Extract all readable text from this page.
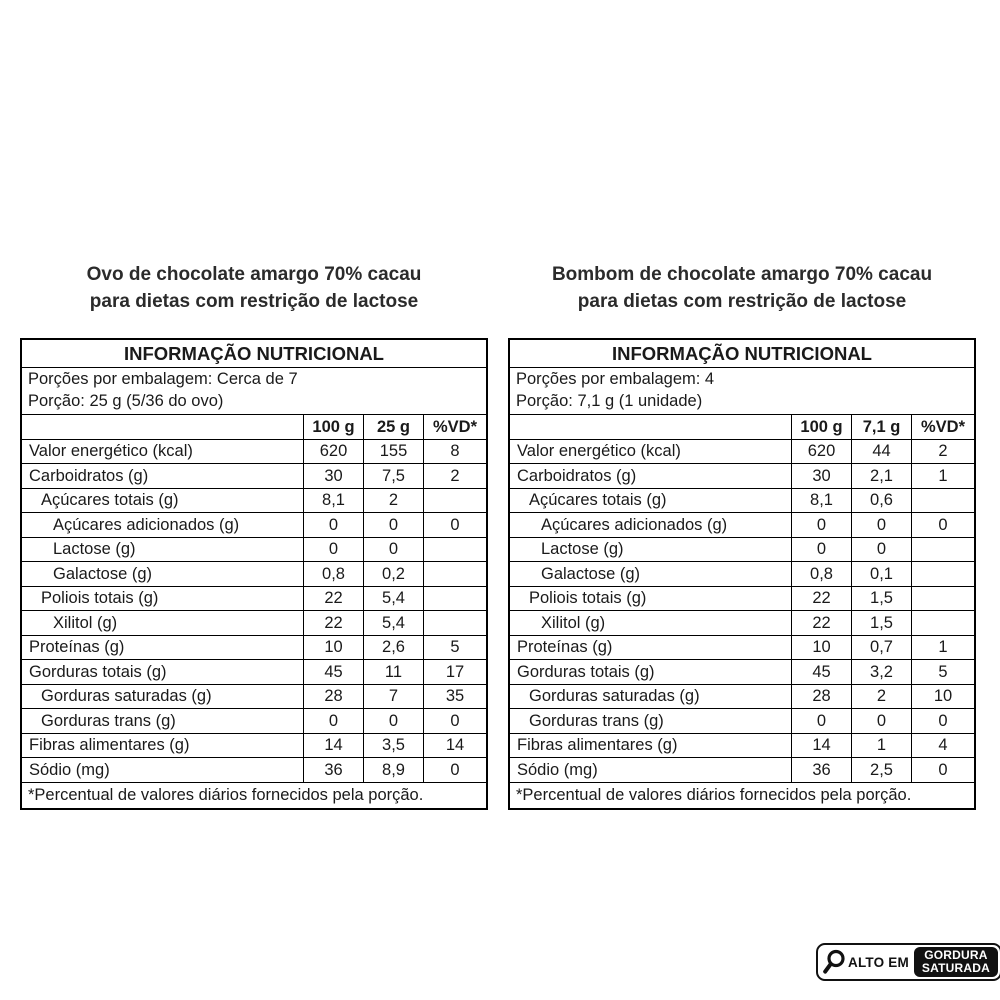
Ovo de chocolate amargo 70% cacau
para dietas com restrição de lactose
Bombom de chocolate amargo 70% cacau
para dietas com restrição de lactose
INFORMAÇÃO NUTRICIONAL
Porções por embalagem: Cerca de 7
Porção: 25 g (5/36 do ovo)
100 g	25 g	%VD*
Valor energético (kcal)	620	155	8
Carboidratos (g)	30	7,5	2
Açúcares totais (g)	8,1	2
Açúcares adicionados (g)	0	0	0
Lactose (g)	0	0
Galactose (g)	0,8	0,2
Poliois totais (g)	22	5,4
Xilitol (g)	22	5,4
Proteínas (g)	10	2,6	5
Gorduras totais (g)	45	11	17
Gorduras saturadas (g)	28	7	35
Gorduras trans (g)	0	0	0
Fibras alimentares (g)	14	3,5	14
Sódio (mg)	36	8,9	0
*Percentual de valores diários fornecidos pela porção.
INFORMAÇÃO NUTRICIONAL
Porções por embalagem: 4
Porção: 7,1 g (1 unidade)
100 g	7,1 g	%VD*
Valor energético (kcal)	620	44	2
Carboidratos (g)	30	2,1	1
Açúcares totais (g)	8,1	0,6
Açúcares adicionados (g)	0	0	0
Lactose (g)	0	0
Galactose (g)	0,8	0,1
Poliois totais (g)	22	1,5
Xilitol (g)	22	1,5
Proteínas (g)	10	0,7	1
Gorduras totais (g)	45	3,2	5
Gorduras saturadas (g)	28	2	10
Gorduras trans (g)	0	0	0
Fibras alimentares (g)	14	1	4
Sódio (mg)	36	2,5	0
*Percentual de valores diários fornecidos pela porção.
ALTO EM GORDURA
SATURADA
